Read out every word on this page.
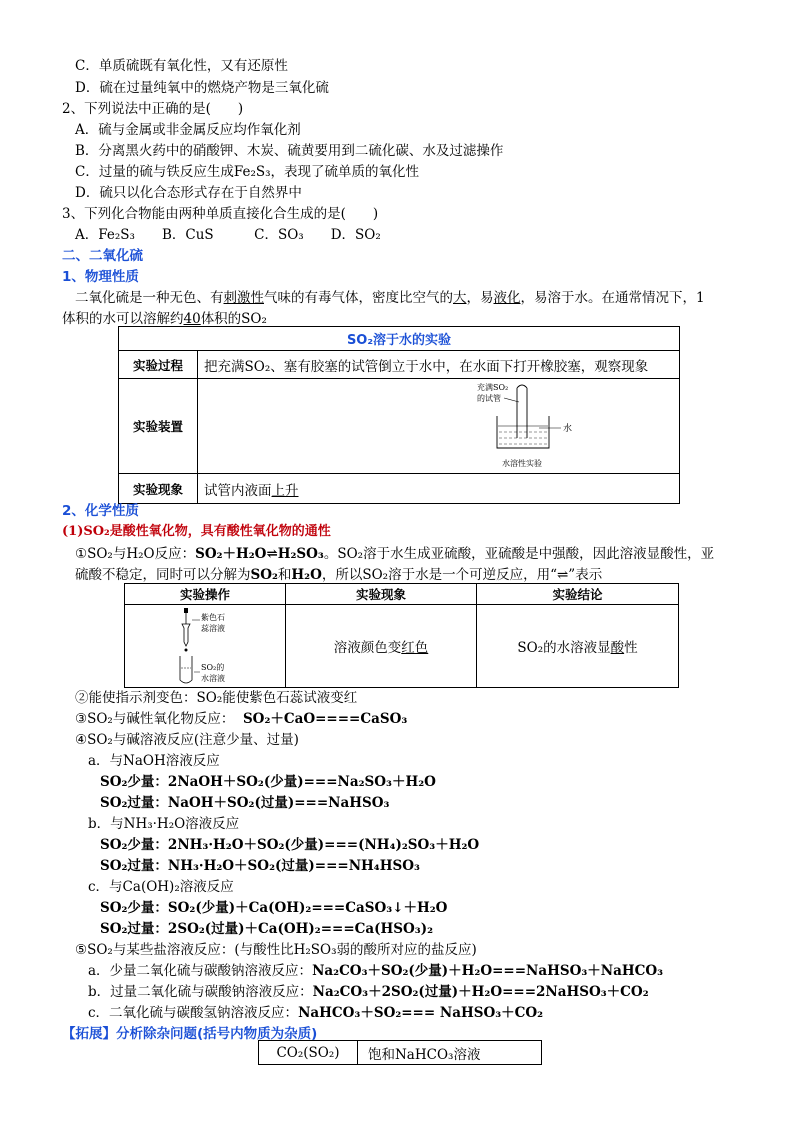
C．单质硫既有氧化性，又有还原性
D．硫在过量纯氧中的燃烧产物是三氧化硫
2、下列说法中正确的是(　　)
A．硫与金属或非金属反应均作氧化剂
B．分离黑火药中的硝酸钾、木炭、硫黄要用到二硫化碳、水及过滤操作
C．过量的硫与铁反应生成Fe₂S₃，表现了硫单质的氧化性
D．硫只以化合态形式存在于自然界中
3、下列化合物能由两种单质直接化合生成的是(　　)
A．Fe₂S₃　　B．CuS　　　C．SO₃　　D．SO₂
二、二氧化硫
1、物理性质
二氧化硫是一种无色、有刺激性气味的有毒气体，密度比空气的大，易液化，易溶于水。在通常情况下，1
体积的水可以溶解约40体积的SO₂
SO₂溶于水的实验	
实验过程	把充满SO₂、塞有胶塞的试管倒立于水中，在水面下打开橡胶塞，观察现象
实验装置	充满SO₂
的试管
水
水溶性实验

实验现象	试管内液面上升
2、化学性质
(1)SO₂是酸性氧化物，具有酸性氧化物的通性
①SO₂与H₂O反应：SO₂＋H₂O⇌H₂SO₃。SO₂溶于水生成亚硫酸，亚硫酸是中强酸，因此溶液显酸性，亚
硫酸不稳定，同时可以分解为SO₂和H₂O，所以SO₂溶于水是一个可逆反应，用“⇌”表示
实验操作	实验现象	实验结论

紫色石
蕊溶液
SO₂的
水溶液	溶液颜色变红色	SO₂的水溶液显酸性
②能使指示剂变色：SO₂能使紫色石蕊试液变红
③SO₂与碱性氧化物反应： SO₂＋CaO====CaSO₃
④SO₂与碱溶液反应(注意少量、过量)
a．与NaOH溶液反应
SO₂少量：2NaOH＋SO₂(少量)===Na₂SO₃＋H₂O
SO₂过量：NaOH＋SO₂(过量)===NaHSO₃
b．与NH₃·H₂O溶液反应
SO₂少量：2NH₃·H₂O＋SO₂(少量)===(NH₄)₂SO₃＋H₂O
SO₂过量：NH₃·H₂O＋SO₂(过量)===NH₄HSO₃
c．与Ca(OH)₂溶液反应
SO₂少量：SO₂(少量)＋Ca(OH)₂===CaSO₃↓＋H₂O
SO₂过量：2SO₂(过量)＋Ca(OH)₂===Ca(HSO₃)₂
⑤SO₂与某些盐溶液反应：(与酸性比H₂SO₃弱的酸所对应的盐反应)
a．少量二氧化硫与碳酸钠溶液反应：Na₂CO₃＋SO₂(少量)＋H₂O===NaHSO₃＋NaHCO₃
b．过量二氧化硫与碳酸钠溶液反应：Na₂CO₃＋2SO₂(过量)＋H₂O===2NaHSO₃＋CO₂
c．二氧化硫与碳酸氢钠溶液反应：NaHCO₃＋SO₂=== NaHSO₃＋CO₂
【拓展】分析除杂问题(括号内物质为杂质)
CO₂(SO₂)	饱和NaHCO₃溶液
